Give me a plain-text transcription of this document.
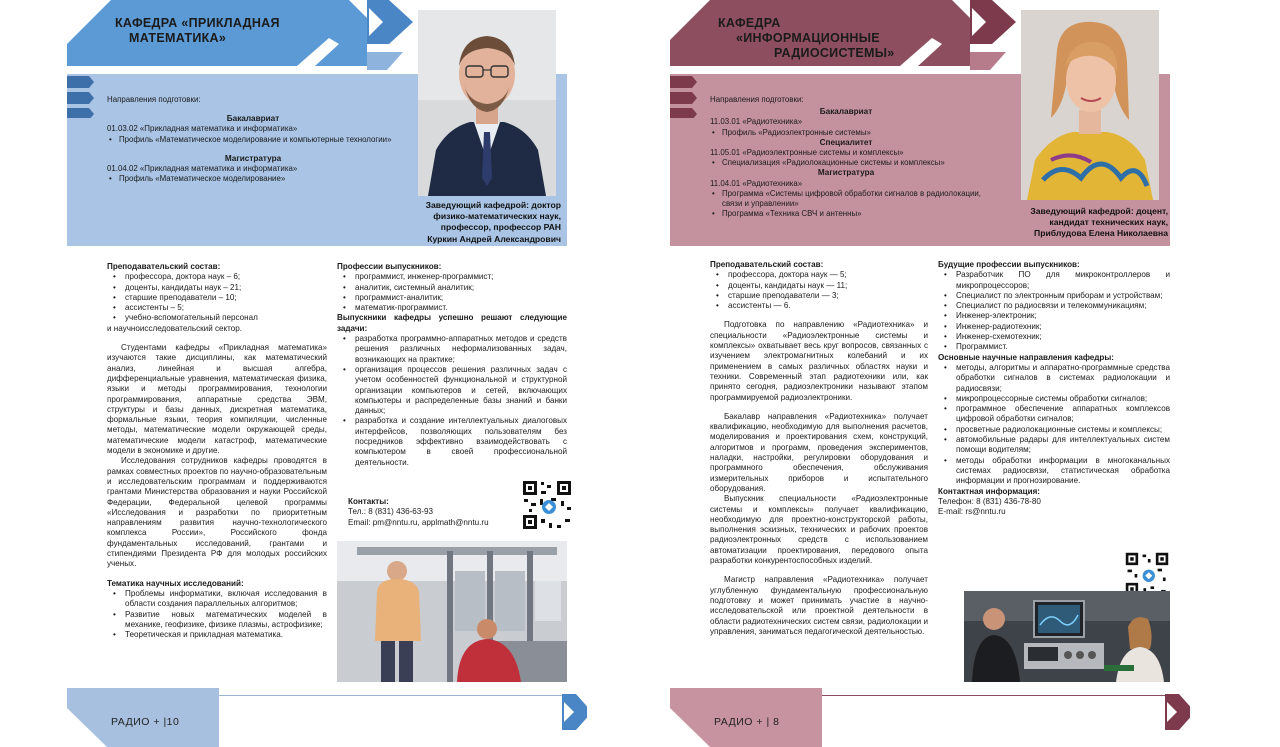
КАФЕДРА «ПРИКЛАДНАЯ
МАТЕМАТИКА»
Направления подготовки:
Бакалавриат
01.03.02 «Прикладная математика и информатика»
• Профиль «Математическое моделирование и компьютерные технологии»
Магистратура
01.04.02 «Прикладная математика и информатика»
• Профиль «Математическое моделирование»
Заведующий кафедрой: доктор
физико-математических наук,
профессор, профессор РАН
Куркин Андрей Александрович

Преподавательский состав:

• профессора, доктора наук – 6;

• доценты, кандидаты наук – 21;

• старшие преподаватели – 10;

• ассистенты – 5;

• учебно-вспомогательный персонал

и научноисследовательский сектор.

Студентами кафедры «Прикладная математика» изучаются такие дисциплины, как математический анализ, линейная и высшая алгебра, дифференциальные уравнения, математическая физика, языки и методы программирования, технологии программирования, аппаратные средства ЭВМ, структуры и базы данных, дискретная математика, формальные языки, теория компиляции, численные методы, математические модели окружающей среды, математические модели катастроф, математические модели в экономике и другие.

Исследования сотрудников кафедры проводятся в рамках совместных проектов по научно-образовательным и исследовательским программам и поддерживаются грантами Министерства образования и науки Российской Федерации, Федеральной целевой программы «Исследования и разработки по приоритетным направлениям развития научно-технологического комплекса России», Российского фонда фундаментальных исследований, грантами и стипендиями Президента РФ для молодых российских ученых.

Тематика научных исследований:

• Проблемы информатики, включая исследования в области создания параллельных алгоритмов;

• Развитие новых математических моделей в механике, геофизике, физике плазмы, астрофизике;

• Теоретическая и прикладная математика.

Профессии выпускников:

• программист, инженер-программист;

• аналитик, системный аналитик;

• программист-аналитик;

• математик-программист.

Выпускники кафедры успешно решают следующие задачи:

• разработка программно-аппаратных методов и средств решения различных неформализованных задач, возникающих на практике;

• организация процессов решения различных задач с учетом особенностей функциональной и структурной организации компьютеров и сетей, включающих компьютеры и распределенные базы знаний и банки данных;

• разработка и создание интеллектуальных диалоговых интерфейсов, позволяющих пользователям без посредников эффективно взаимодействовать с компьютером в своей профессиональной деятельности.

Контакты:

Тел.: 8 (831) 436-63-93

Email: pm@nntu.ru, applmath@nntu.ru

РАДИО + |10
КАФЕДРА
«ИНФОРМАЦИОННЫЕ
РАДИОСИСТЕМЫ»
Направления подготовки:
Бакалавриат
11.03.01 «Радиотехника»
• Профиль «Радиоэлектронные системы»
Специалитет
11.05.01 «Радиоэлектронные системы и комплексы»
• Специализация «Радиолокационные системы и комплексы»
Магистратура
11.04.01 «Радиотехника»
• Программа «Системы цифровой обработки сигналов в радиолокации, связи и управлении»
• Программа «Техника СВЧ и антенны»	Заведующий кафедрой: доцент,
кандидат технических наук,
Приблудова Елена Николаевна

Преподавательский состав:

• профессора, доктора наук — 5;

• доценты, кандидаты наук — 11;

• старшие преподаватели — 3;

• ассистенты — 6.

Подготовка по направлению «Радиотехника» и специальности «Радиоэлектронные системы и комплексы» охватывает весь круг вопросов, связанных с изучением электромагнитных колебаний и их применением в самых различных областях науки и техники. Современный этап радиотехники или, как принято сегодня, радиоэлектроники называют этапом программируемой радиоэлектроники.

Бакалавр направления «Радиотехника» получает квалификацию, необходимую для выполнения расчетов, моделирования и проектирования схем, конструкций, алгоритмов и программ, проведения экспериментов, наладки, настройки, регулировки оборудования и программного обеспечения, обслуживания измерительных приборов и испытательного оборудования.

Выпускник специальности «Радиоэлектронные системы и комплексы» получает квалификацию, необходимую для проектно-конструкторской работы, выполнения эскизных, технических и рабочих проектов радиоэлектронных средств с использованием автоматизации проектирования, передового опыта разработки конкурентоспособных изделий.

Магистр направления «Радиотехника» получает углубленную фундаментальную профессиональную подготовку и может принимать участие в научно-исследовательской или проектной деятельности в области радиотехнических систем связи, радиолокации и управления, заниматься педагогической деятельностью.

Будущие профессии выпускников:

• Разработчик ПО для микроконтроллеров и микропроцессоров;

• Специалист по электронным приборам и устройствам;

• Специалист по радиосвязи и телекоммуникациям;

• Инженер-электроник;

• Инженер-радиотехник;

• Инженер-схемотехник;

• Программист.

Основные научные направления кафедры:

• методы, алгоритмы и аппаратно-программные средства обработки сигналов в системах радиолокации и радиосвязи;

• микропроцессорные системы обработки сигналов;

• программное обеспечение аппаратных комплексов цифровой обработки сигналов;

• просветные радиолокационные системы и комплексы;

• автомобильные радары для интеллектуальных систем помощи водителям;

• методы обработки информации в многоканальных системах радиосвязи, статистическая обработка информации и прогнозирование.

Контактная информация:

Телефон: 8 (831) 436-78-80

E-mail: rs@nntu.ru

РАДИО + | 8
